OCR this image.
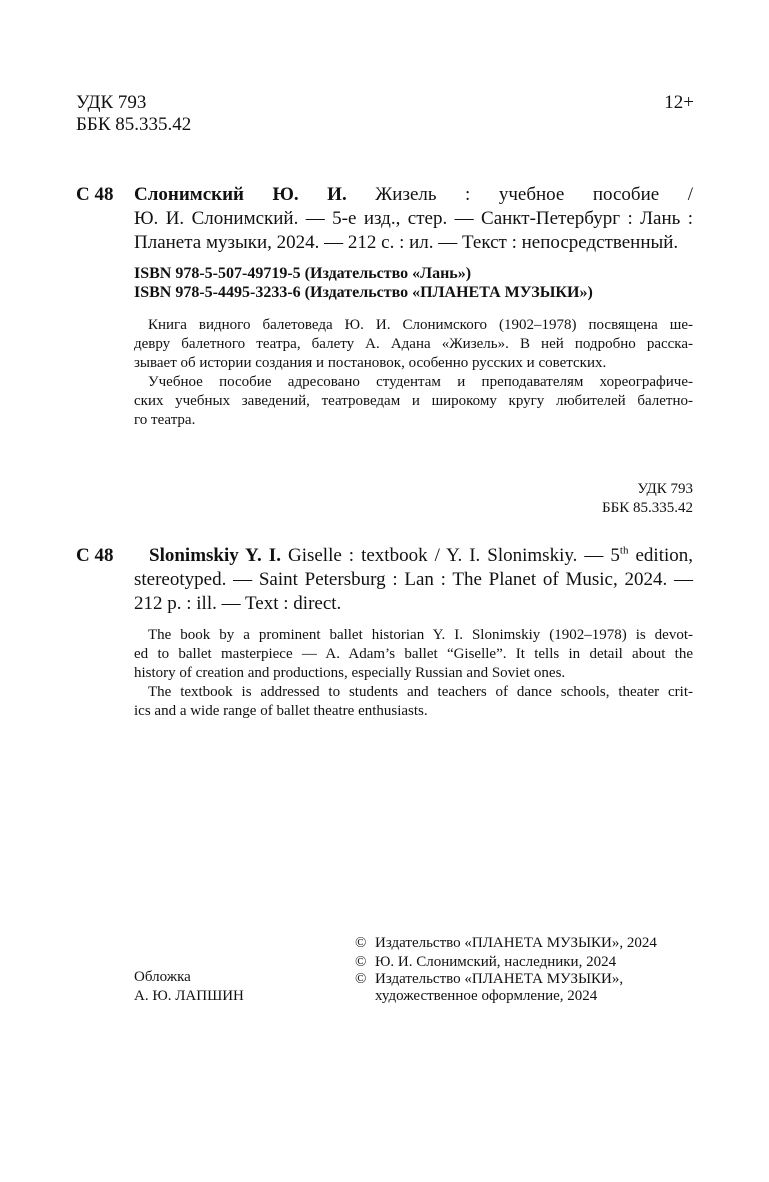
УДК 793
ББК 85.335.42
12+
С 48 Слонимский Ю. И. Жизель : учебное пособие /
Ю. И. Слонимский. — 5-е изд., стер. — Санкт-Петербург : Лань :
Планета музыки, 2024. — 212 с. : ил. — Текст : непосредственный.
ISBN 978-5-507-49719-5 (Издательство «Лань»)
ISBN 978-5-4495-3233-6 (Издательство «ПЛАНЕТА МУЗЫКИ»)
Книга видного балетоведа Ю. И. Слонимского (1902–1978) посвящена ше-
девру балетного театра, балету А. Адана «Жизель». В ней подробно расска-
зывает об истории создания и постановок, особенно русских и советских.
Учебное пособие адресовано студентам и преподавателям хореографиче-
ских учебных заведений, театроведам и широкому кругу любителей балетно-
го театра.
УДК 793
ББК 85.335.42
С 48 Slonimskiy Y. I. Giselle : textbook / Y. I. Slonimskiy. — 5th edition,
stereotyped. — Saint Petersburg : Lan : The Planet of Music, 2024. —
212 p. : ill. — Text : direct.
The book by a prominent ballet historian Y. I. Slonimskiy (1902–1978) is devot-
ed to ballet masterpiece — A. Adam’s ballet “Giselle”. It tells in detail about the
history of creation and productions, especially Russian and Soviet ones.
The textbook is addressed to students and teachers of dance schools, theater crit-
ics and a wide range of ballet theatre enthusiasts.
Обложка
А. Ю. ЛАПШИН
© Издательство «ПЛАНЕТА МУЗЫКИ», 2024
© Ю. И. Слонимский, наследники, 2024
© Издательство «ПЛАНЕТА МУЗЫКИ»,
художественное оформление, 2024
